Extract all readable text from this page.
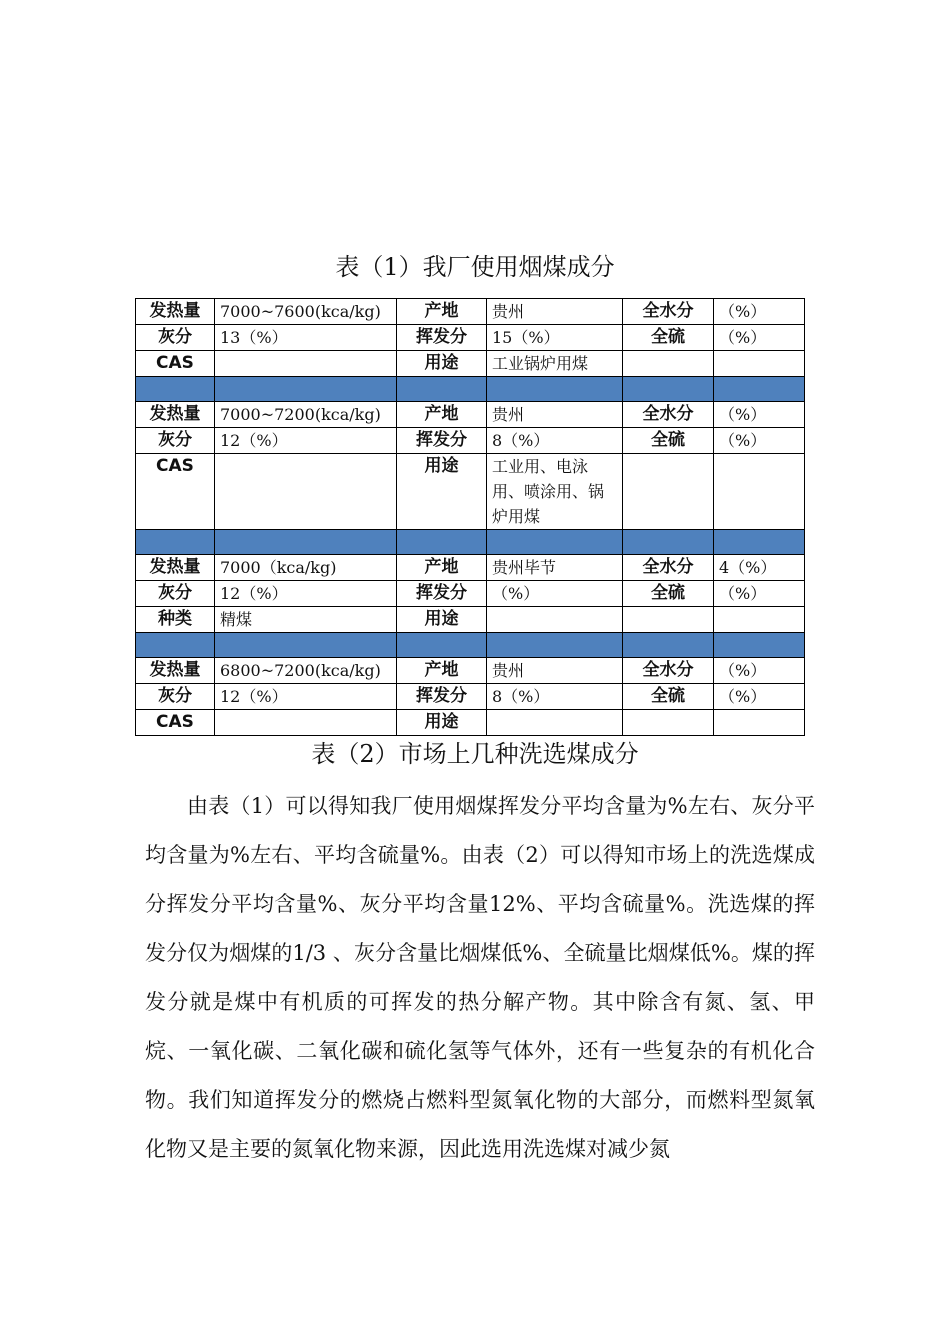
表（1）我厂使用烟煤成分
发热量	7000~7600(kca/kg)	产地	贵州	全水分	（%）
灰分	13（%）	挥发分	15（%）	全硫	（%）
CAS		用途	工业锅炉用煤		

发热量	7000~7200(kca/kg)	产地	贵州	全水分	（%）
灰分	12（%）	挥发分	8（%）	全硫	（%）
CAS		用途	工业用、电泳用、喷涂用、锅炉用煤		

发热量	7000（kca/kg)	产地	贵州毕节	全水分	4（%）
灰分	12（%）	挥发分	（%）	全硫	（%）
种类	精煤	用途			

发热量	6800~7200(kca/kg)	产地	贵州	全水分	（%）
灰分	12（%）	挥发分	8（%）	全硫	（%）
CAS		用途			
表（2）市场上几种洗选煤成分

由表（1）可以得知我厂使用烟煤挥发分平均含量为%左右、灰分平均含量为%左右、平均含硫量%。由表（2）可以得知市场上的洗选煤成分挥发分平均含量%、灰分平均含量12%、平均含硫量%。洗选煤的挥发分仅为烟煤的1/3 、灰分含量比烟煤低%、全硫量比烟煤低%。煤的挥发分就是煤中有机质的可挥发的热分解产物。其中除含有氮、氢、甲烷、一氧化碳、二氧化碳和硫化氢等气体外，还有一些复杂的有机化合物。我们知道挥发分的燃烧占燃料型氮氧化物的大部分，而燃料型氮氧化物又是主要的氮氧化物来源，因此选用洗选煤对减少氮
